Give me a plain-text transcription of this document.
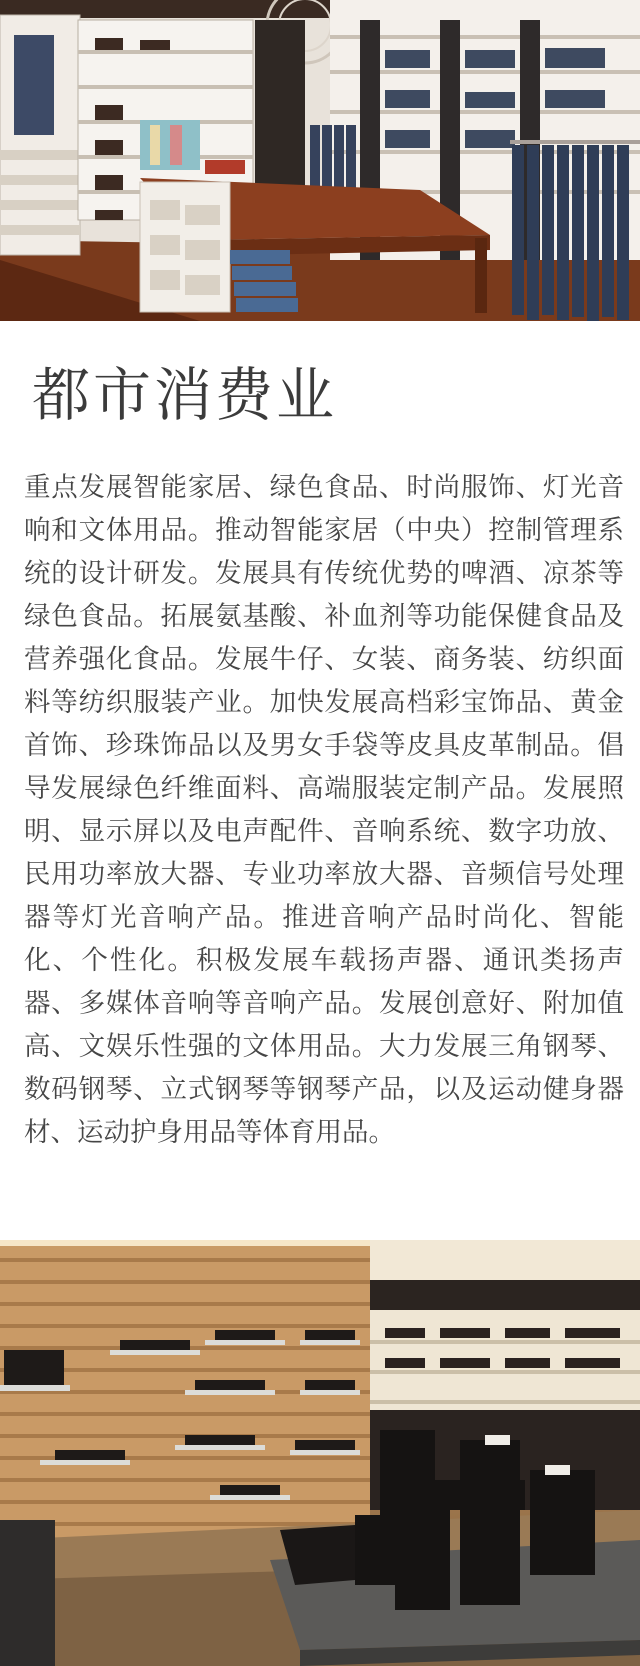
都市消费业

重点发展智能家居、绿色食品、时尚服饰、灯光音响和文体用品。推动智能家居（中央）控制管理系统的设计研发。发展具有传统优势的啤酒、凉茶等绿色食品。拓展氨基酸、补血剂等功能保健食品及营养强化食品。发展牛仔、女装、商务装、纺织面料等纺织服装产业。加快发展高档彩宝饰品、黄金首饰、珍珠饰品以及男女手袋等皮具皮革制品。倡导发展绿色纤维面料、高端服装定制产品。发展照明、显示屏以及电声配件、音响系统、数字功放、民用功率放大器、专业功率放大器、音频信号处理器等灯光音响产品。推进音响产品时尚化、智能化、个性化。积极发展车载扬声器、通讯类扬声器、多媒体音响等音响产品。发展创意好、附加值高、文娱乐性强的文体用品。大力发展三角钢琴、数码钢琴、立式钢琴等钢琴产品，以及运动健身器材、运动护身用品等体育用品。
